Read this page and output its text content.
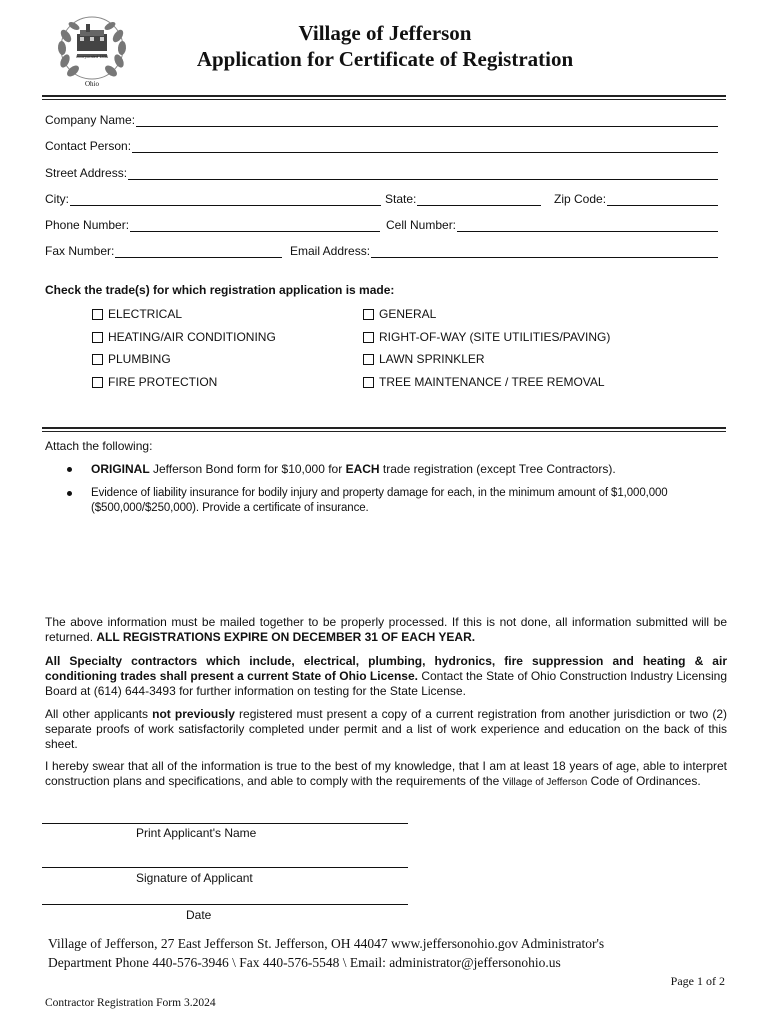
Incorporated 1836
Ohio
Village of Jefferson
Application for Certificate of Registration
Company Name:
Contact Person:
Street Address:
City:	State:	Zip Code:
Phone Number:	Cell Number:
Fax Number:	Email Address:
Check the trade(s) for which registration application is made:
ELECTRICAL
HEATING/AIR CONDITIONING
PLUMBING
FIRE PROTECTION
GENERAL
RIGHT-OF-WAY (SITE UTILITIES/PAVING)
LAWN SPRINKLER
TREE MAINTENANCE / TREE REMOVAL
Attach the following:
ORIGINAL Jefferson Bond form for $10,000 for EACH trade registration (except Tree Contractors).
Evidence of liability insurance for bodily injury and property damage for each, in the minimum amount of $1,000,000
($500,000/$250,000). Provide a certificate of insurance.
The above information must be mailed together to be properly processed. If this is not done, all information submitted will be returned. ALL REGISTRATIONS EXPIRE ON DECEMBER 31 OF EACH YEAR.
All Specialty contractors which include, electrical, plumbing, hydronics, fire suppression and heating & air conditioning trades shall present a current State of Ohio License. Contact the State of Ohio Construction Industry Licensing Board at (614) 644-3493 for further information on testing for the State License.
All other applicants not previously registered must present a copy of a current registration from another jurisdiction or two (2) separate proofs of work satisfactorily completed under permit and a list of work experience and education on the back of this sheet.
I hereby swear that all of the information is true to the best of my knowledge, that I am at least 18 years of age, able to interpret construction plans and specifications, and able to comply with the requirements of the Village of Jefferson Code of Ordinances.
Print Applicant's Name
Signature of Applicant
Date
Village of Jefferson, 27 East Jefferson St. Jefferson, OH 44047 www.jeffersonohio.gov Administrator's
Department Phone 440-576-3946 \ Fax 440-576-5548 \ Email: administrator@jeffersonohio.us
Page 1 of 2
Contractor Registration Form 3.2024
